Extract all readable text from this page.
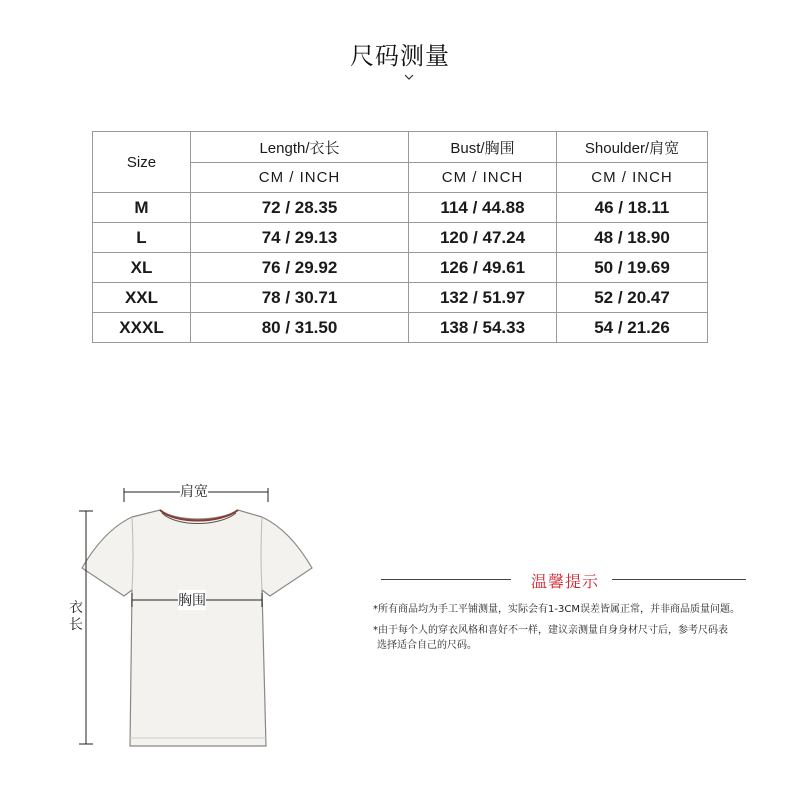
尺码测量
Size	Length/衣长	Bust/胸围	Shoulder/肩宽
	CM / INCH	CM / INCH	CM / INCH
M	72 / 28.35	114 / 44.88	46 / 18.11
L	74 / 29.13	120 / 47.24	48 / 18.90
XL	76 / 29.92	126 / 49.61	50 / 19.69
XXL	78 / 30.71	132 / 51.97	52 / 20.47
XXXL	80 / 31.50	138 / 54.33	54 / 21.26
肩宽
胸围
衣长
温馨提示
*所有商品均为手工平铺测量，实际会有1-3CM误差皆属正常，并非商品质量问题。
*由于每个人的穿衣风格和喜好不一样，建议亲测量自身身材尺寸后，参考尺码表
选择适合自己的尺码。
